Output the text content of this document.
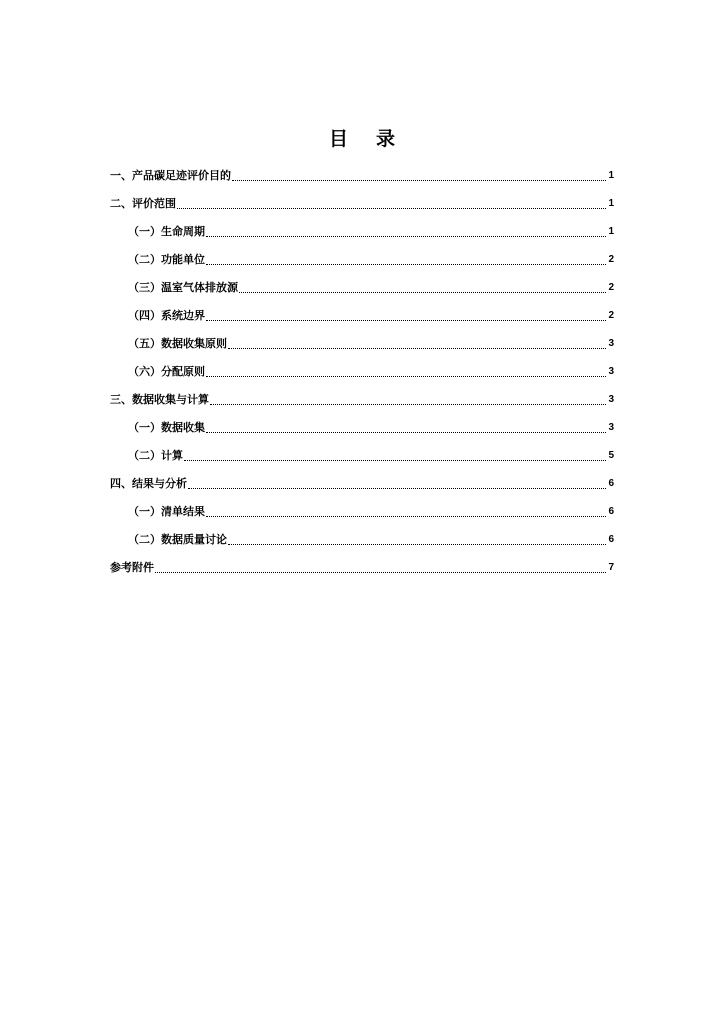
目 录
一、产品碳足迹评价目的	1
二、评价范围	1
（一）生命周期	1
（二）功能单位	2
（三）温室气体排放源	2
（四）系统边界	2
（五）数据收集原则	3
（六）分配原则	3
三、数据收集与计算	3
（一）数据收集	3
（二）计算	5
四、结果与分析	6
（一）清单结果	6
（二）数据质量讨论	6
参考附件	7
